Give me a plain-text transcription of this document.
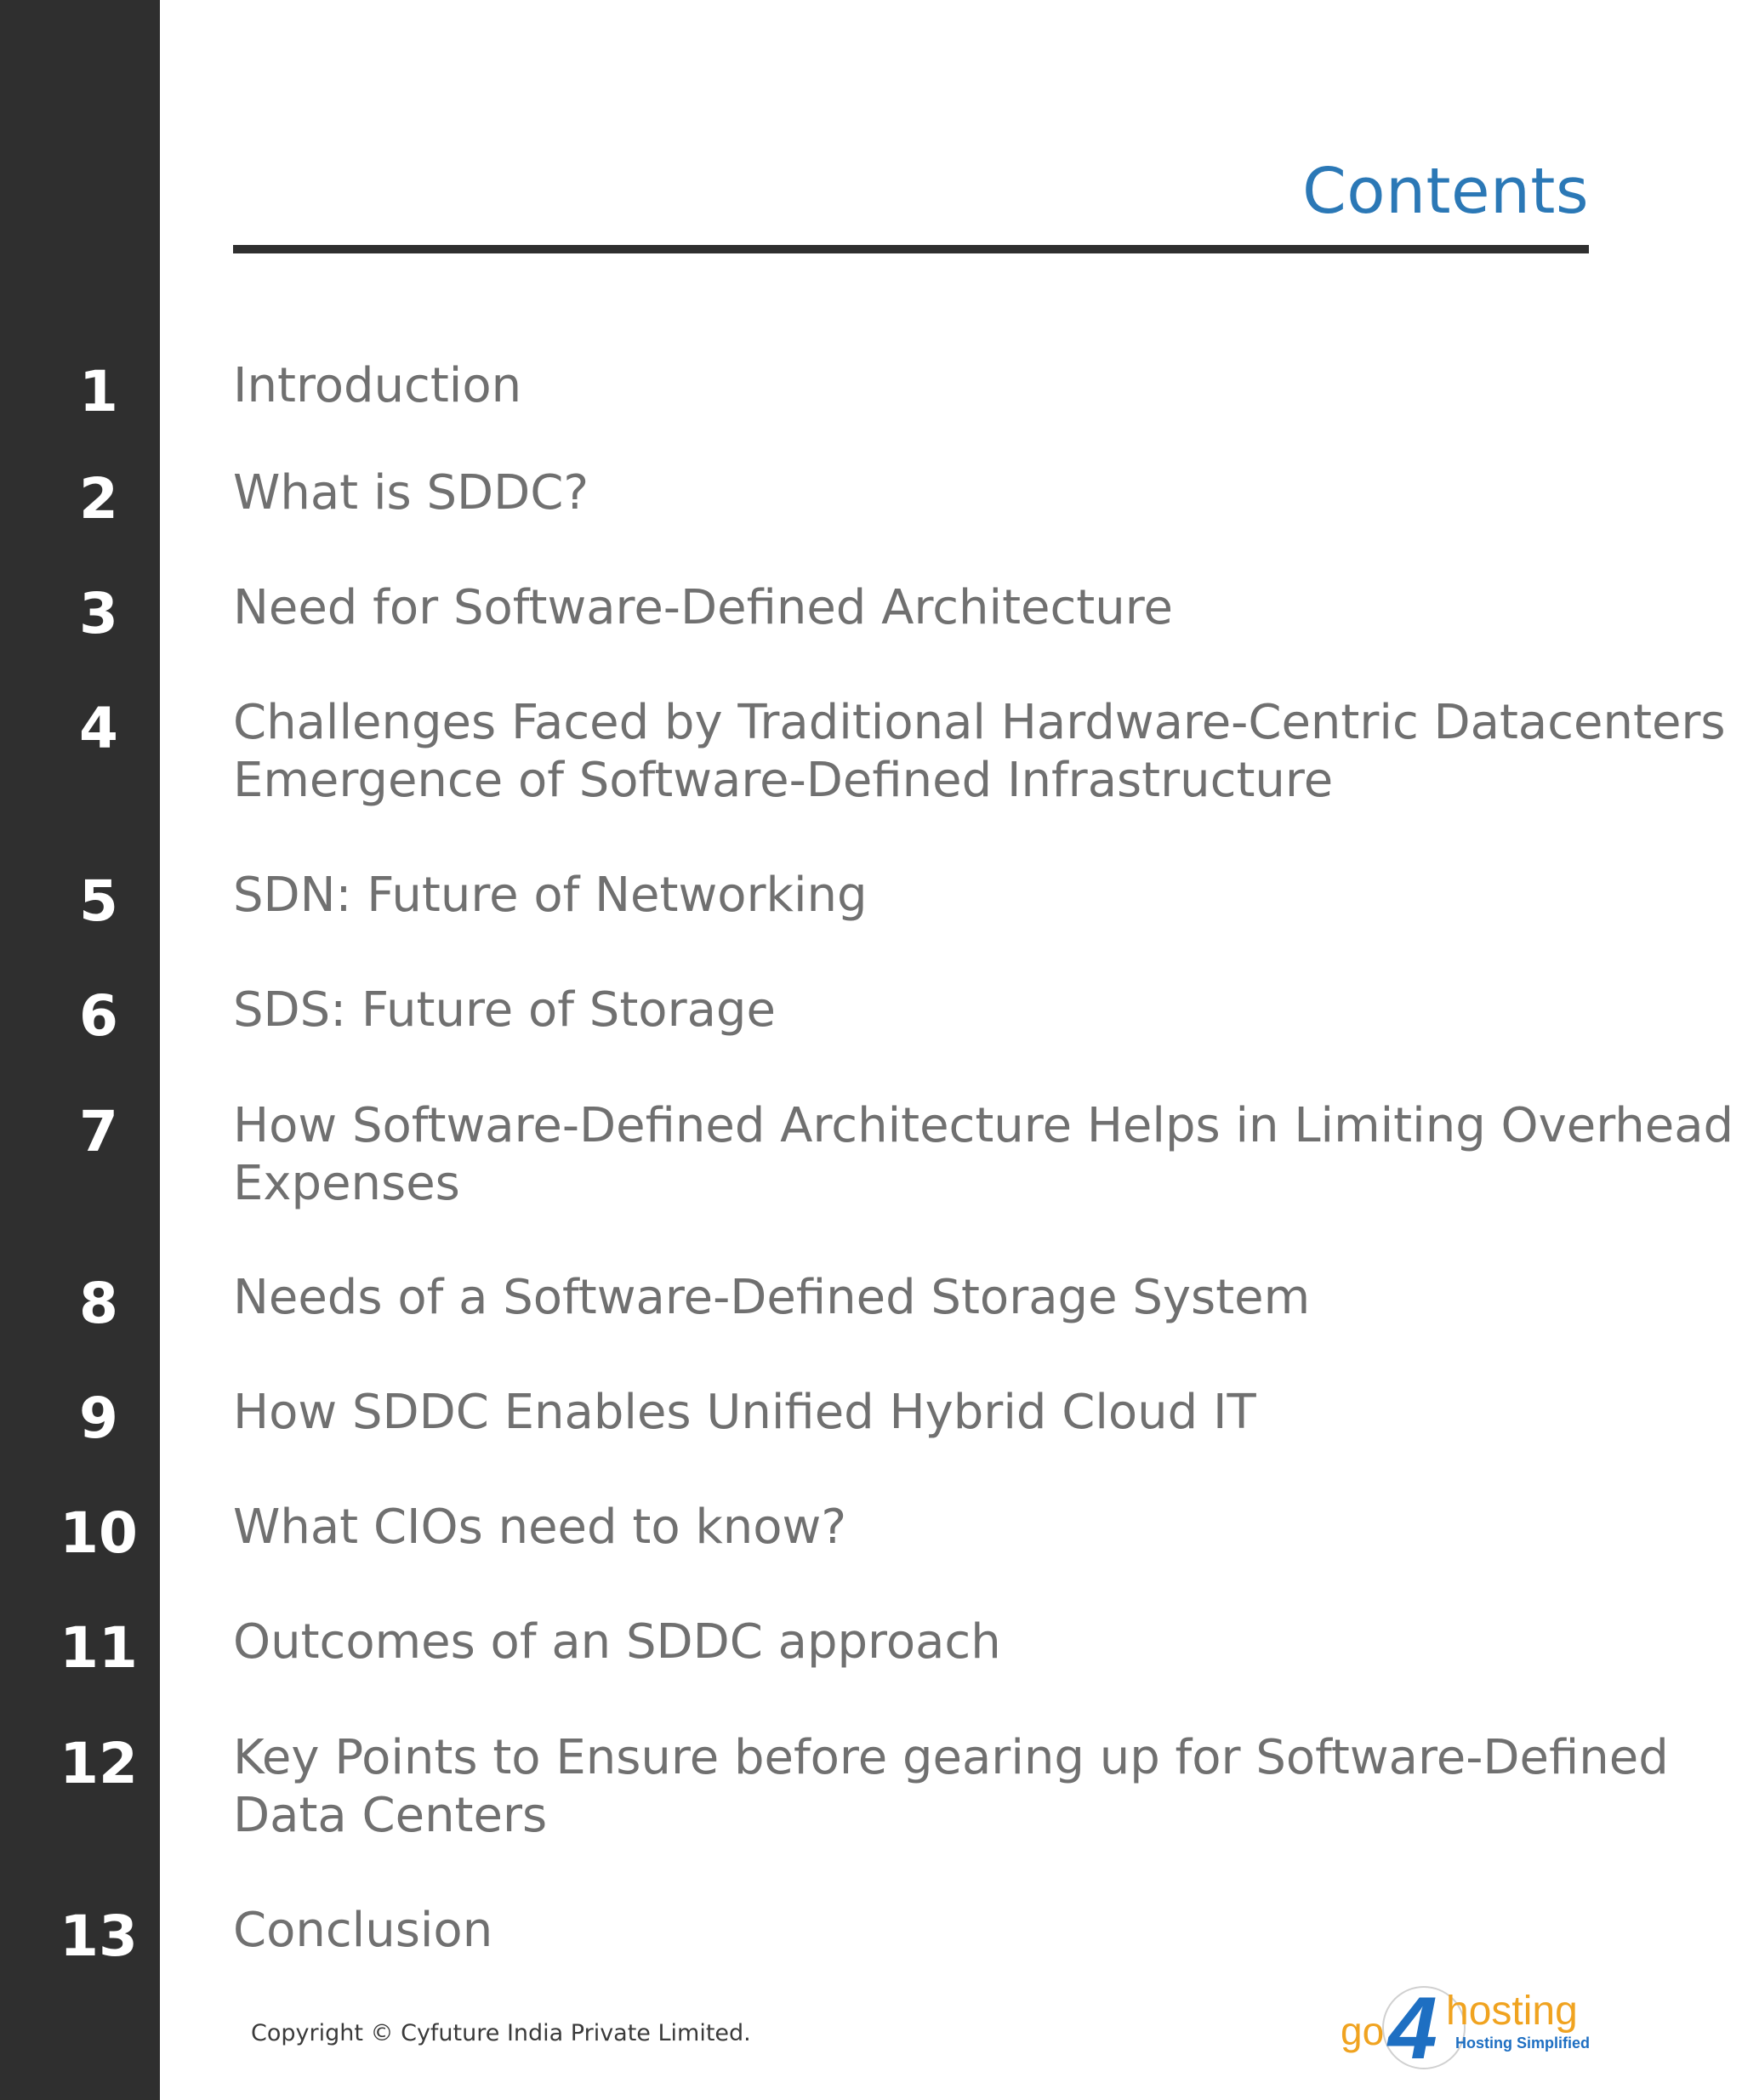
Contents
1	Introduction
2	What is SDDC?
3	Need for Software-Defined Architecture
4	Challenges Faced by Traditional Hardware-Centric Datacenters
Emergence of Software-Defined Infrastructure
5	SDN: Future of Networking
6	SDS: Future of Storage
7	How Software-Defined Architecture Helps in Limiting Overhead
Expenses
8	Needs of a Software-Defined Storage System
9	How SDDC Enables Unified Hybrid Cloud IT
10	What CIOs need to know?
11	Outcomes of an SDDC approach
12	Key Points to Ensure before gearing up for Software-Defined
Data Centers
13	Conclusion
Copyright © Cyfuture India Private Limited.	go 4 hosting
Hosting Simplified
